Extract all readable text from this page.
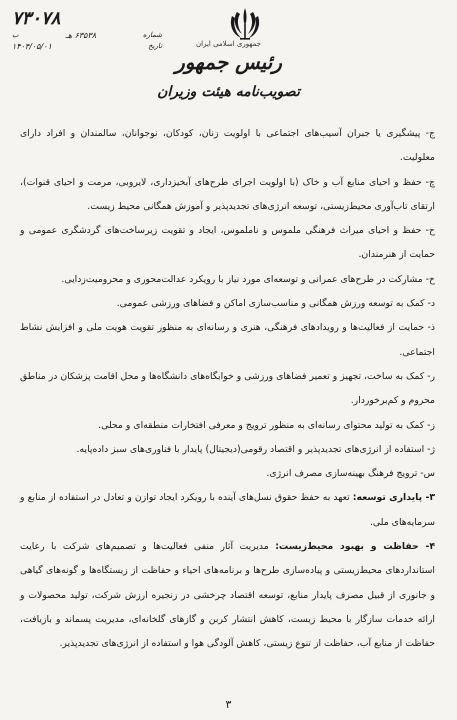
۷۳۰۷۸
شماره
۶۳۵۳۸ هـ
ب
تاریخ
۱۴۰۴/۰۵/۰۱	جمهوری اسلامی ایران
رئیس جمهور
تصویب‌نامه هیئت وزیران

ج- پیشگیری یا جبران آسیب‌های اجتماعی با اولویت زنان، کودکان، نوجوانان، سالمندان و افراد دارای معلولیت.

چ- حفظ و احیای منابع آب و خاک (با اولویت اجرای طرح‌های آبخیزداری، لایروبی، مرمت و احیای قنوات)، ارتقای تاب‌آوری محیط‌زیستی، توسعه انرژی‌های تجدیدپذیر و آموزش همگانی محیط زیست.

ح- حفظ و احیای میراث فرهنگی ملموس و ناملموس، ایجاد و تقویت زیرساخت‌های گردشگری عمومی و حمایت از هنرمندان.

خ- مشارکت در طرح‌های عمرانی و توسعه‌ای مورد نیاز با رویکرد عدالت‌محوری و محرومیت‌زدایی.

د- کمک به توسعه ورزش همگانی و مناسب‌سازی اماکن و فضاهای ورزشی عمومی.

ذ- حمایت از فعالیت‌ها و رویدادهای فرهنگی، هنری و رسانه‌ای به منظور تقویت هویت ملی و افزایش نشاط اجتماعی.

ر- کمک به ساخت، تجهیز و تعمیر فضاهای ورزشی و خوابگاه‌های دانشگاه‌ها و محل اقامت پزشکان در مناطق محروم و کم‌برخوردار.

ز- کمک به تولید محتوای رسانه‌ای به منظور ترویج و معرفی افتخارات منطقه‌ای و محلی.

ژ- استفاده از انرژی‌های تجدیدپذیر و اقتصاد رقومی(دیجیتال) پایدار با فناوری‌های سبز داده‌پایه.

س- ترویج فرهنگ بهینه‌سازی مصرف انرژی.

۳- پایداری توسعه: تعهد به حفظ حقوق نسل‌های آینده با رویکرد ایجاد توازن و تعادل در استفاده از منابع و سرمایه‌های ملی.

۴- حفاظت و بهبود محیط‌زیست: مدیریت آثار منفی فعالیت‌ها و تصمیم‌های شرکت با رعایت استانداردهای محیط‌زیستی و پیاده‌سازی طرح‌ها و برنامه‌های احیاء و حفاظت از زیستگاه‌ها و گونه‌های گیاهی و جانوری از قبیل مصرف پایدار منابع، توسعه اقتصاد چرخشی در زنجیره ارزش شرکت، تولید محصولات و ارائه خدمات سازگار با محیط زیست، کاهش انتشار کربن و گازهای گلخانه‌ای، مدیریت پسماند و بازیافت، حفاظت از منابع آب، حفاظت از تنوع زیستی، کاهش آلودگی هوا و استفاده از انرژی‌های تجدیدپذیر.

۳
